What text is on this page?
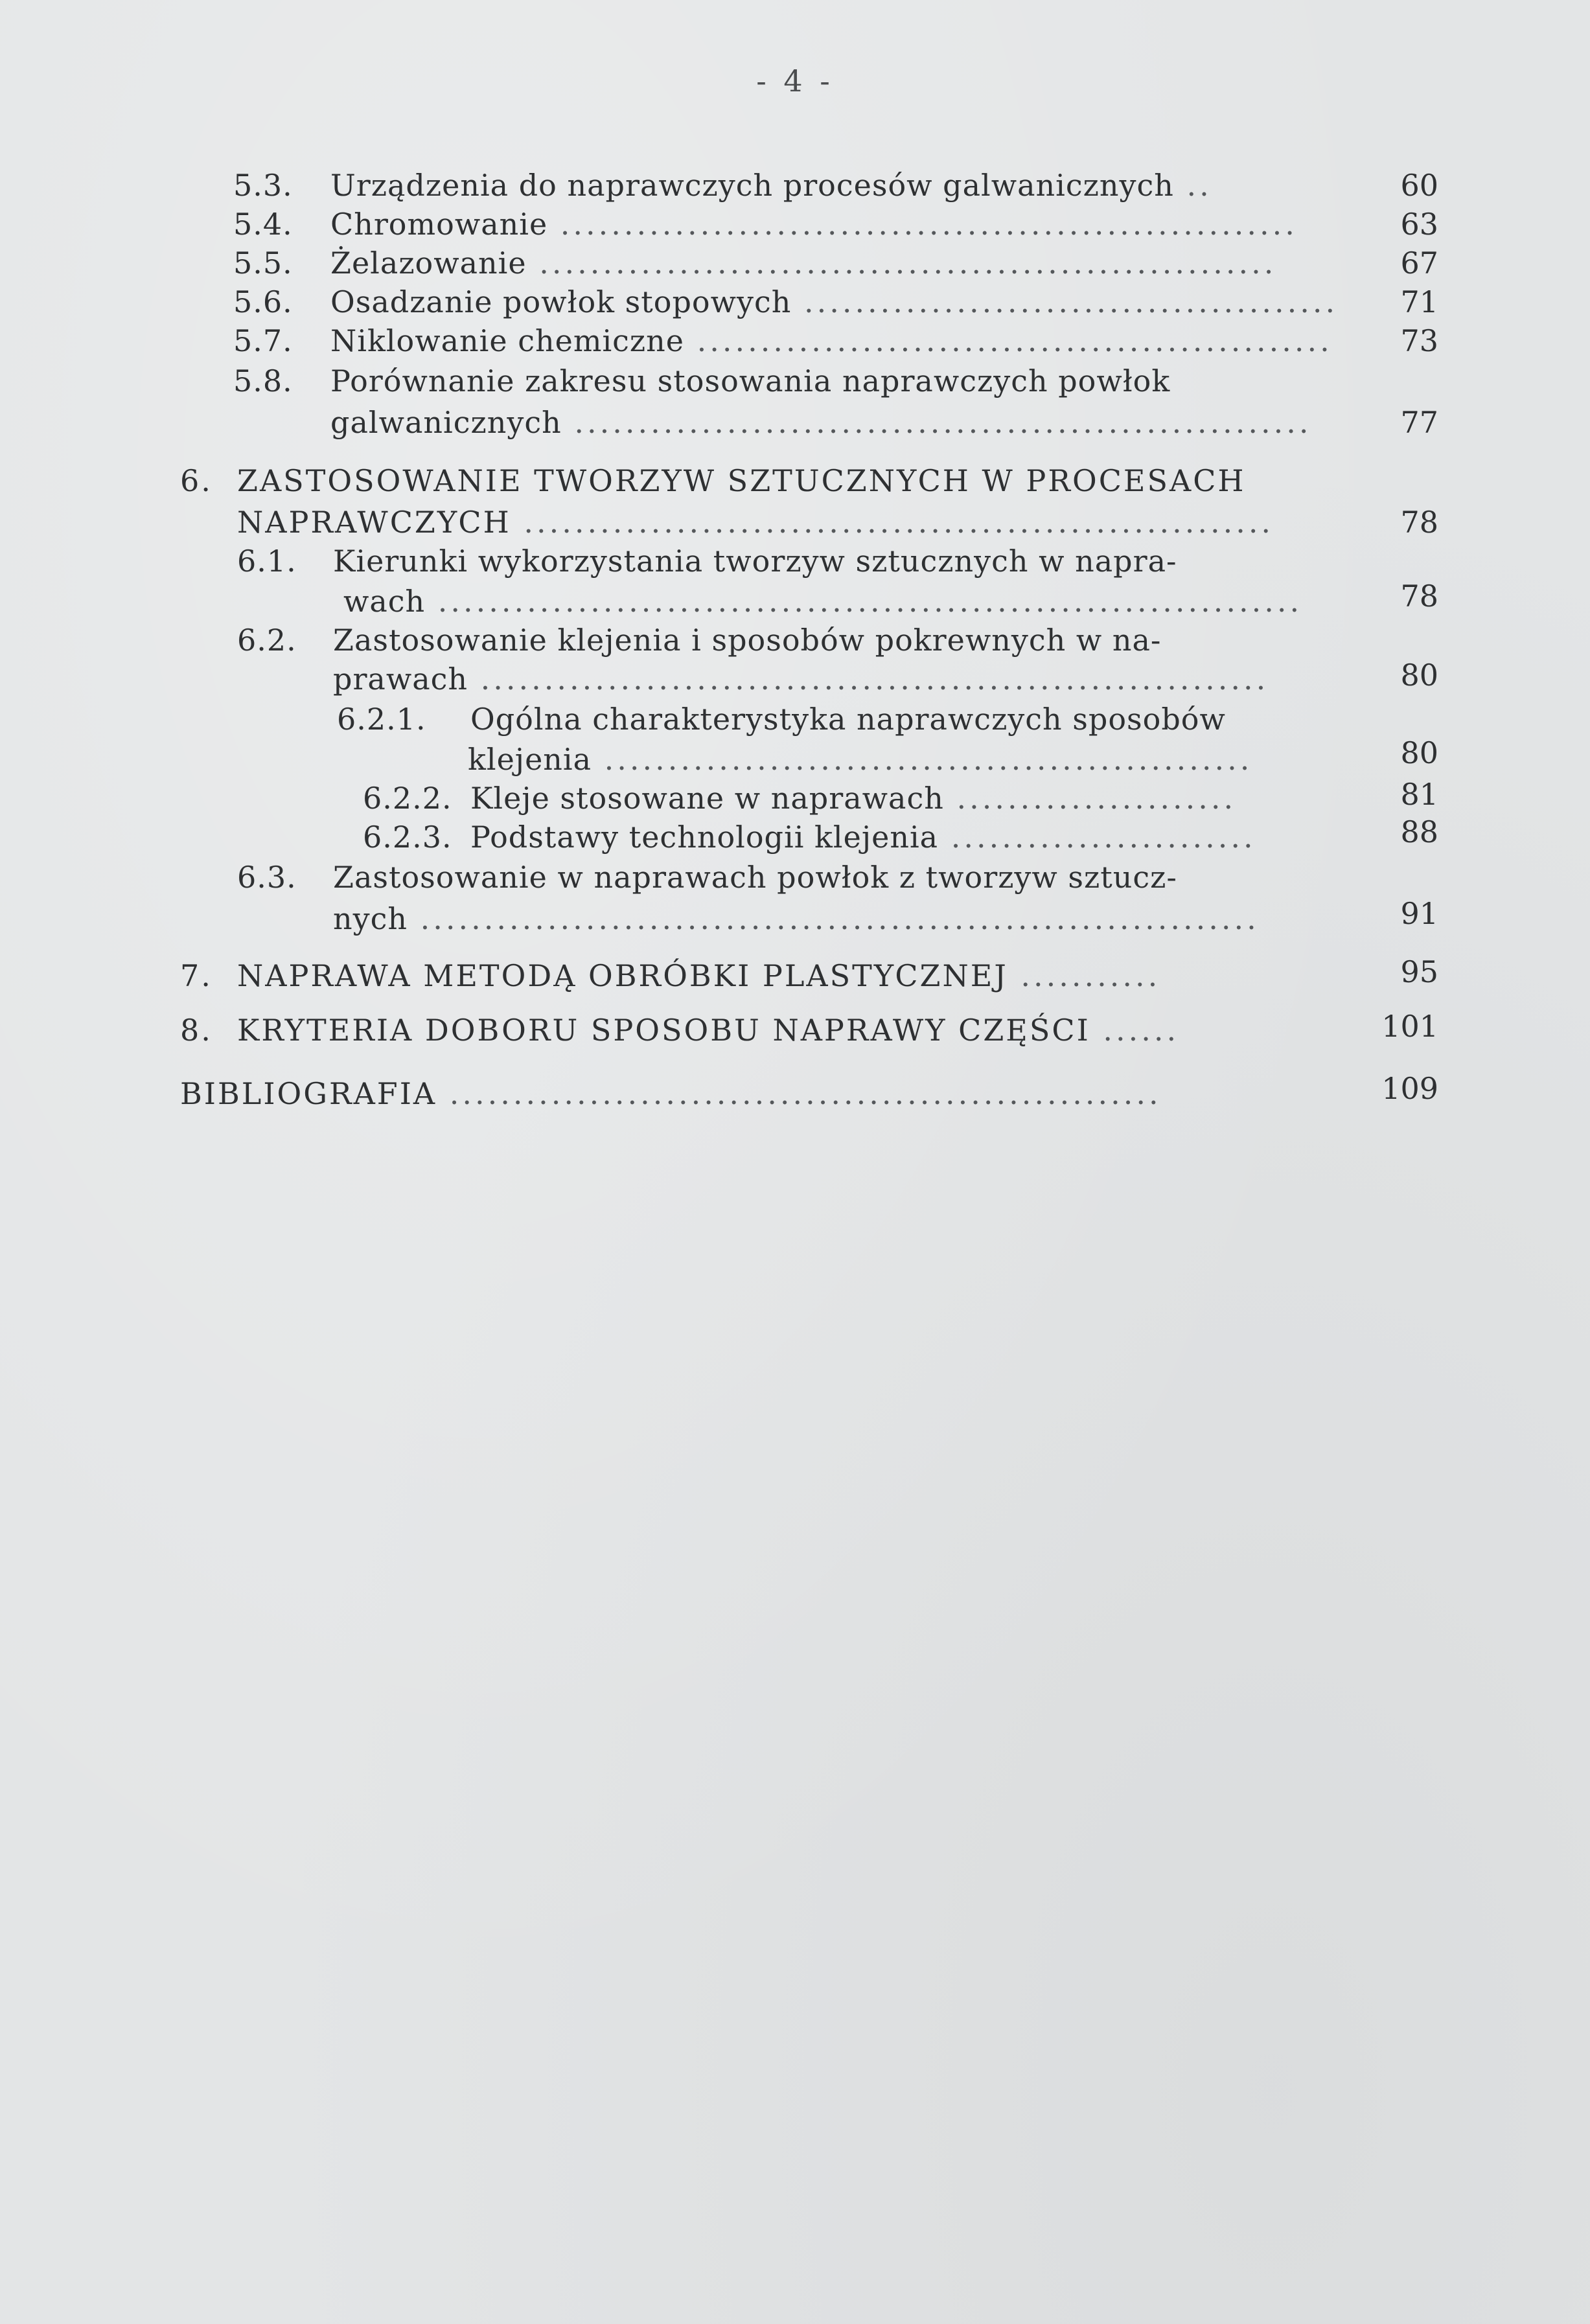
- 4 -
5.3. Urządzenia do naprawczych procesów galwanicznych ..	60
5.4. Chromowanie ..........................................................	63
5.5. Żelazowanie ..........................................................	67
5.6. Osadzanie powłok stopowych ..........................................	71
5.7. Niklowanie chemiczne ..................................................	73
5.8. Porównanie zakresu stosowania naprawczych powłok
galwanicznych ..........................................................	77
6. ZASTOSOWANIE TWORZYW SZTUCZNYCH W PROCESACH
NAPRAWCZYCH ...........................................................	78
6.1. Kierunki wykorzystania tworzyw sztucznych w napra-
wach ....................................................................	78
6.2. Zastosowanie klejenia i sposobów pokrewnych w na-
prawach ..............................................................	80
6.2.1. Ogólna charakterystyka naprawczych sposobów
klejenia ...................................................	80
6.2.2. Kleje stosowane w naprawach ......................	81
6.2.3. Podstawy technologii klejenia ........................	88
6.3. Zastosowanie w naprawach powłok z tworzyw sztucz-
nych ..................................................................	91
7. NAPRAWA METODĄ OBRÓBKI PLASTYCZNEJ ...........	95
8. KRYTERIA DOBORU SPOSOBU NAPRAWY CZĘŚCI ......	101
BIBLIOGRAFIA ........................................................	109
